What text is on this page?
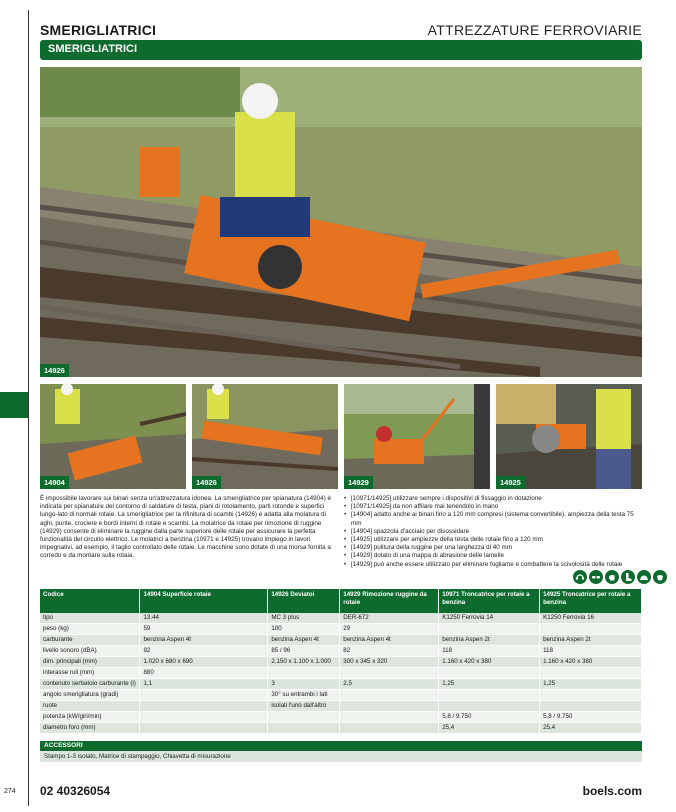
SMERIGLIATRICI	ATTREZZATURE FERROVIARIE
SMERIGLIATRICI
14926
14904	14926	14929	14925

È impossibile lavorare sui binari senza un'attrezzatura idonea. La smerigliatrice per spianatura (14904) è indicata per spianature del contorno di saldature di testa, piani di rotolamento, parti rotonde e superfici lungo-lato di normali rotaie. La smerigliatrice per la rifinitura di scambi (14926) è adatta alla molatura di aghi, punte, crociere e bordi interni di rotaie e scambi. La molatrice da rotaie per rimozione di ruggine (14929) consente di eliminare la ruggine dalla parte superiore delle rotaie per assicurare la perfetta funzionalità del circuito elettrico. Le molatrici a benzina (10971 e 14925) trovano impiego in lavori impegnativi, ad esempio, il taglio controllato delle rotaie. Le macchine sono dotate di una morsa fornita a corredo e da montare sulla rotaia.

• [10971/14925] utilizzare sempre i dispositivi di fissaggio in dotazione
• [10971/14925] da non affilare mai tenendolo in mano
• [14904] adatto anche ai binari fino a 120 mm compresi (sistema convertibile), ampiezza della testa 75 mm
• [14904] spazzola d'acciaio per disossidare
• [14925] utilizzare per ampiezze della testa delle rotaie fino a 120 mm
• [14929] pulitura della ruggine per una larghezza di 40 mm
• [14929] dotato di una mappa di abrasione delle lamelle
• [14929] può anche essere utilizzato per eliminare fogliame e combattere la scivolosità delle rotaie
Codice	14904 Superficie rotaie	14926 Deviatoi	14929 Rimozione ruggine da rotaie	10971 Troncatrice per rotaie a benzina	14925 Troncatrice per rotaie a benzina
tipo	13.44	MC 3 plus	DER-672	K1250 Ferrovia 14	K1250 Ferrovia 16
peso (kg)	59	100	29		
carburante	benzina Aspen 4t	benzina Aspen 4t	benzina Aspen 4t	benzina Aspen 2t	benzina Aspen 2t
livello sonoro (dBA)	92	85 / 96	82	118	118
dim. principali (mm)	1.020 x 680 x 690	2.150 x 1.100 x 1.000	300 x 345 x 320	1.160 x 420 x 380	1.160 x 420 x 380
interasse ruli (mm)	880				
contenuto serbatoio carburante (l)	1,1	3	2,5	1,25	1,25
angolo smerigliatura (gradi)		30° su entrambi i lati			
ruote		isolati l'uno dall'altro			
potenza (kW/giri/min)				5,8 / 9.750	5,8 / 9.750
diametro foro (mm)				25,4	25,4
ACCESSORI
Stampo 1-3 isolato, Matrice di stampaggio, Chiavetta di misurazione
274 02 40326054	boels.com
